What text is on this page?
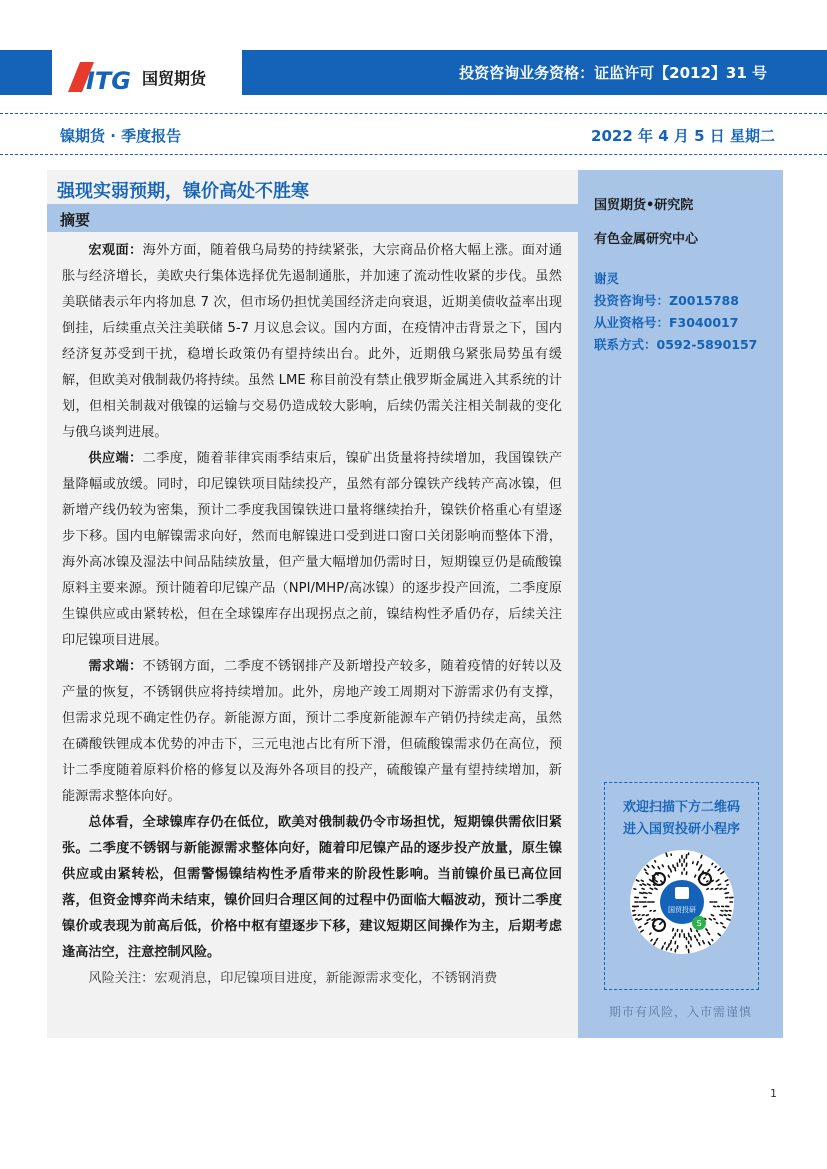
ITG 国贸期货	投资咨询业务资格：证监许可【2012】31 号
镍期货 · 季度报告	2022 年 4 月 5 日 星期二
强现实弱预期，镍价高处不胜寒
摘要

宏观面：海外方面，随着俄乌局势的持续紧张，大宗商品价格大幅上涨。面对通胀与经济增长，美欧央行集体选择优先遏制通胀，并加速了流动性收紧的步伐。虽然美联储表示年内将加息 7 次，但市场仍担忧美国经济走向衰退，近期美债收益率出现倒挂，后续重点关注美联储 5-7 月议息会议。国内方面，在疫情冲击背景之下，国内经济复苏受到干扰，稳增长政策仍有望持续出台。此外，近期俄乌紧张局势虽有缓解，但欧美对俄制裁仍将持续。虽然 LME 称目前没有禁止俄罗斯金属进入其系统的计划，但相关制裁对俄镍的运输与交易仍造成较大影响，后续仍需关注相关制裁的变化与俄乌谈判进展。

供应端：二季度，随着菲律宾雨季结束后，镍矿出货量将持续增加，我国镍铁产量降幅或放缓。同时，印尼镍铁项目陆续投产，虽然有部分镍铁产线转产高冰镍，但新增产线仍较为密集，预计二季度我国镍铁进口量将继续抬升，镍铁价格重心有望逐步下移。国内电解镍需求向好，然而电解镍进口受到进口窗口关闭影响而整体下滑，海外高冰镍及湿法中间品陆续放量，但产量大幅增加仍需时日，短期镍豆仍是硫酸镍原料主要来源。预计随着印尼镍产品（NPI/MHP/高冰镍）的逐步投产回流，二季度原生镍供应或由紧转松，但在全球镍库存出现拐点之前，镍结构性矛盾仍存，后续关注印尼镍项目进展。

需求端：不锈钢方面，二季度不锈钢排产及新增投产较多，随着疫情的好转以及产量的恢复，不锈钢供应将持续增加。此外，房地产竣工周期对下游需求仍有支撑，但需求兑现不确定性仍存。新能源方面，预计二季度新能源车产销仍持续走高，虽然在磷酸铁锂成本优势的冲击下，三元电池占比有所下滑，但硫酸镍需求仍在高位，预计二季度随着原料价格的修复以及海外各项目的投产，硫酸镍产量有望持续增加，新能源需求整体向好。

总体看，全球镍库存仍在低位，欧美对俄制裁仍令市场担忧，短期镍供需依旧紧张。二季度不锈钢与新能源需求整体向好，随着印尼镍产品的逐步投产放量，原生镍供应或由紧转松，但需警惕镍结构性矛盾带来的阶段性影响。当前镍价虽已高位回落，但资金博弈尚未结束，镍价回归合理区间的过程中仍面临大幅波动，预计二季度镍价或表现为前高后低，价格中枢有望逐步下移，建议短期区间操作为主，后期考虑逢高沽空，注意控制风险。

风险关注：宏观消息，印尼镍项目进度，新能源需求变化，不锈钢消费

国贸期货•研究院
有色金属研究中心
谢灵
投资咨询号：Z0015788
从业资格号：F3040017
联系方式：0592-5890157
欢迎扫描下方二维码
进入国贸投研小程序
国贸投研
S
期市有风险，入市需谨慎
1
